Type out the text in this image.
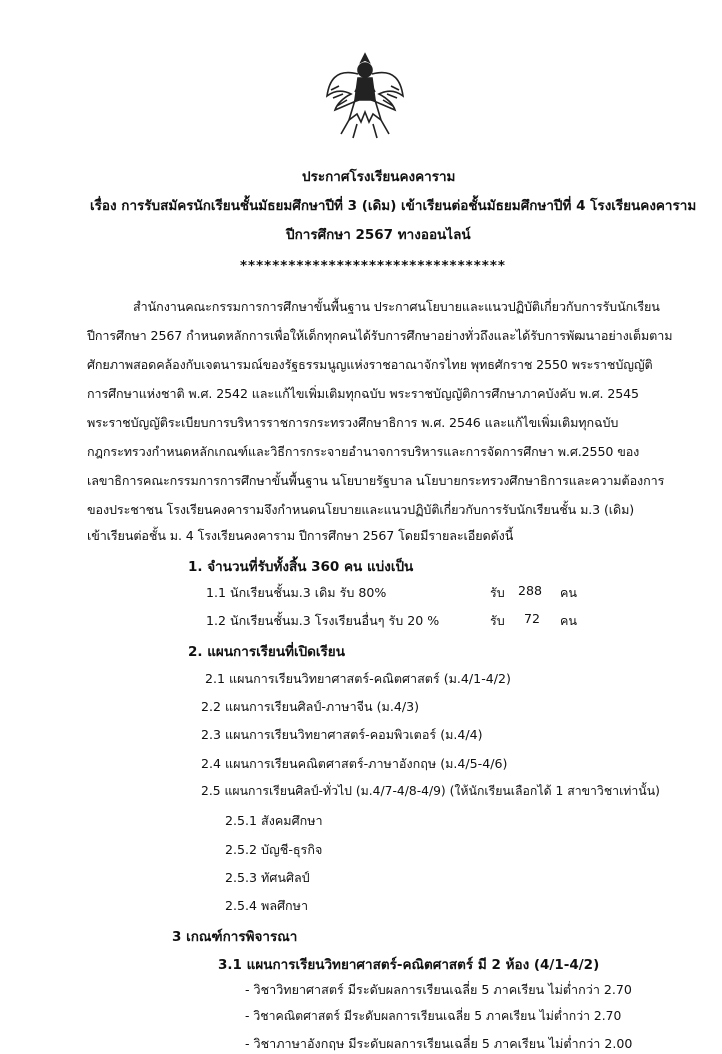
ประกาศโรงเรียนคงคาราม
เรื่อง การรับสมัครนักเรียนชั้นมัธยมศึกษาปีที่ 3 (เดิม) เข้าเรียนต่อชั้นมัธยมศึกษาปีที่ 4 โรงเรียนคงคาราม
ปีการศึกษา 2567 ทางออนไลน์
*********************************
สำนักงานคณะกรรมการการศึกษาขั้นพื้นฐาน ประกาศนโยบายและแนวปฏิบัติเกี่ยวกับการรับนักเรียน
ปีการศึกษา 2567 กำหนดหลักการเพื่อให้เด็กทุกคนได้รับการศึกษาอย่างทั่วถึงและได้รับการพัฒนาอย่างเต็มตาม
ศักยภาพสอดคล้องกับเจตนารมณ์ของรัฐธรรมนูญแห่งราชอาณาจักรไทย พุทธศักราช 2550 พระราชบัญญัติ
การศึกษาแห่งชาติ พ.ศ. 2542 และแก้ไขเพิ่มเติมทุกฉบับ พระราชบัญญัติการศึกษาภาคบังคับ พ.ศ. 2545
พระราชบัญญัติระเบียบการบริหารราชการกระทรวงศึกษาธิการ พ.ศ. 2546 และแก้ไขเพิ่มเติมทุกฉบับ
กฎกระทรวงกำหนดหลักเกณฑ์และวิธีการกระจายอำนาจการบริหารและการจัดการศึกษา พ.ศ.2550 ของ
เลขาธิการคณะกรรมการการศึกษาขั้นพื้นฐาน นโยบายรัฐบาล นโยบายกระทรวงศึกษาธิการและความต้องการ
ของประชาชน โรงเรียนคงคารามจึงกำหนดนโยบายและแนวปฏิบัติเกี่ยวกับการรับนักเรียนชั้น ม.3 (เดิม)
เข้าเรียนต่อชั้น ม. 4 โรงเรียนคงคาราม ปีการศึกษา 2567 โดยมีรายละเอียดดังนี้
1. จำนวนที่รับทั้งสิ้น 360 คน แบ่งเป็น
1.1 นักเรียนชั้นม.3 เดิม รับ 80%	รับ 288 คน
1.2 นักเรียนชั้นม.3 โรงเรียนอื่นๆ รับ 20 %	รับ 72 คน
2. แผนการเรียนที่เปิดเรียน
2.1 แผนการเรียนวิทยาศาสตร์-คณิตศาสตร์ (ม.4/1-4/2)
2.2 แผนการเรียนศิลป์-ภาษาจีน (ม.4/3)
2.3 แผนการเรียนวิทยาศาสตร์-คอมพิวเตอร์ (ม.4/4)
2.4 แผนการเรียนคณิตศาสตร์-ภาษาอังกฤษ (ม.4/5-4/6)
2.5 แผนการเรียนศิลป์-ทั่วไป (ม.4/7-4/8-4/9) (ให้นักเรียนเลือกได้ 1 สาขาวิชาเท่านั้น)
2.5.1 สังคมศึกษา
2.5.2 บัญชี-ธุรกิจ
2.5.3 ทัศนศิลป์
2.5.4 พลศึกษา
3 เกณฑ์การพิจารณา
3.1 แผนการเรียนวิทยาศาสตร์-คณิตศาสตร์ มี 2 ห้อง (4/1-4/2)
- วิชาวิทยาศาสตร์ มีระดับผลการเรียนเฉลี่ย 5 ภาคเรียน ไม่ต่ำกว่า 2.70
- วิชาคณิตศาสตร์ มีระดับผลการเรียนเฉลี่ย 5 ภาคเรียน ไม่ต่ำกว่า 2.70
- วิชาภาษาอังกฤษ มีระดับผลการเรียนเฉลี่ย 5 ภาคเรียน ไม่ต่ำกว่า 2.00
